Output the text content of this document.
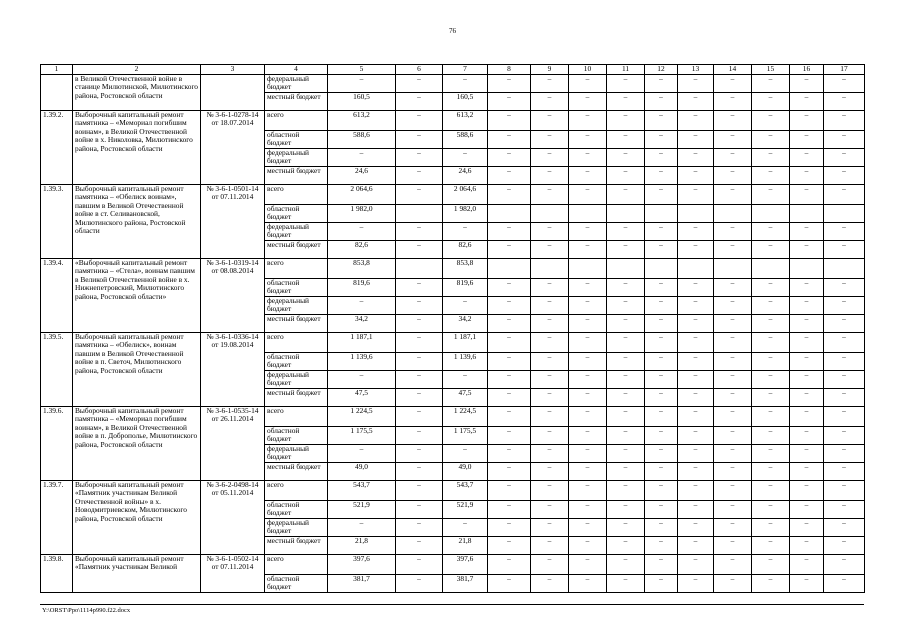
76
1	2	3	4	5	6	7	8	9	10	11	12	13	14	15	16	17
	в Великой Отечественной войне в станице Милютинской, Милютинского района, Ростовской области		федеральный бюджет	–	–	–	–	–	–	–	–	–	–	–	–	–
			местный бюджет	160,5	–	160,5	–	–	–	–	–	–	–	–	–	–
1.39.2.	Выборочный капитальный ремонт памятника – «Мемориал погибшим воинам», в Великой Отечественной войне в х. Николовка, Милютинского района, Ростовской области	№ 3-6-1-0278-14 от 18.07.2014	всего	613,2	–	613,2	–	–	–	–	–	–	–	–	–	–
			областной бюджет	588,6	–	588,6	–	–	–	–	–	–	–	–	–	–
			федеральный бюджет	–	–	–	–	–	–	–	–	–	–	–	–	–
			местный бюджет	24,6	–	24,6	–	–	–	–	–	–	–	–	–	–
1.39.3.	Выборочный капитальный ремонт памятника – «Обелиск воинам», павшим в Великой Отечественной войне в ст. Селивановской, Милютинского района, Ростовской области	№ 3-6-1-0501-14 от 07.11.2014	всего	2 064,6	–	2 064,6	–	–	–	–	–	–	–	–	–	–
			областной бюджет	1 982,0		1 982,0										
			федеральный бюджет	–	–	–	–	–	–	–	–	–	–	–	–	–
			местный бюджет	82,6	–	82,6	–	–	–	–	–	–	–	–	–	–
1.39.4.	«Выборочный капитальный ремонт памятника – «Стела», воинам павшим в Великой Отечественной войне в х. Нижнепетровский, Милютинского района, Ростовской области»	№ 3-6-1-0319-14 от 08.08.2014	всего	853,8		853,8										
			областной бюджет	819,6	–	819,6	–	–	–	–	–	–	–	–	–	–
			федеральный бюджет	–	–	–	–	–	–	–	–	–	–	–	–	–
			местный бюджет	34,2	–	34,2	–	–	–	–	–	–	–	–	–	–
1.39.5.	Выборочный капитальный ремонт памятника – «Обелиск», воинам павшим в Великой Отечественной войне в п. Светоч, Милютинского района, Ростовской области	№ 3-6-1-0336-14 от 19.08.2014	всего	1 187,1	–	1 187,1	–	–	–	–	–	–	–	–	–	–
			областной бюджет	1 139,6	–	1 139,6	–	–	–	–	–	–	–	–	–	–
			федеральный бюджет	–	–	–	–	–	–	–	–	–	–	–	–	–
			местный бюджет	47,5	–	47,5	–	–	–	–	–	–	–	–	–	–
1.39.6.	Выборочный капитальный ремонт памятника – «Мемориал погибшим воинам», в Великой Отечественной войне в п. Доброполье, Милютинского района, Ростовской области	№ 3-6-1-0535-14 от 26.11.2014	всего	1 224,5	–	1 224,5	–	–	–	–	–	–	–	–	–	–
			областной бюджет	1 175,5	–	1 175,5	–	–	–	–	–	–	–	–	–	–
			федеральный бюджет	–	–	–	–	–	–	–	–	–	–	–	–	–
			местный бюджет	49,0	–	49,0	–	–	–	–	–	–	–	–	–	–
1.39.7.	Выборочный капитальный ремонт «Памятник участникам Великой Отечественной войны» в х. Новодмитриевском, Милютинского района, Ростовской области	№ 3-6-2-0498-14 от 05.11.2014	всего	543,7	–	543,7	–	–	–	–	–	–	–	–	–	–
			областной бюджет	521,9	–	521,9	–	–	–	–	–	–	–	–	–	–
			федеральный бюджет	–	–	–	–	–	–	–	–	–	–	–	–	–
			местный бюджет	21,8	–	21,8	–	–	–	–	–	–	–	–	–	–
1.39.8.	Выборочный капитальный ремонт «Памятник участникам Великой	№ 3-6-1-0502-14 от 07.11.2014	всего	397,6	–	397,6	–	–	–	–	–	–	–	–	–	–
			областной бюджет	381,7	–	381,7	–	–	–	–	–	–	–	–	–	–
Y:\ORST\Ppo\1114p990.f22.docx
